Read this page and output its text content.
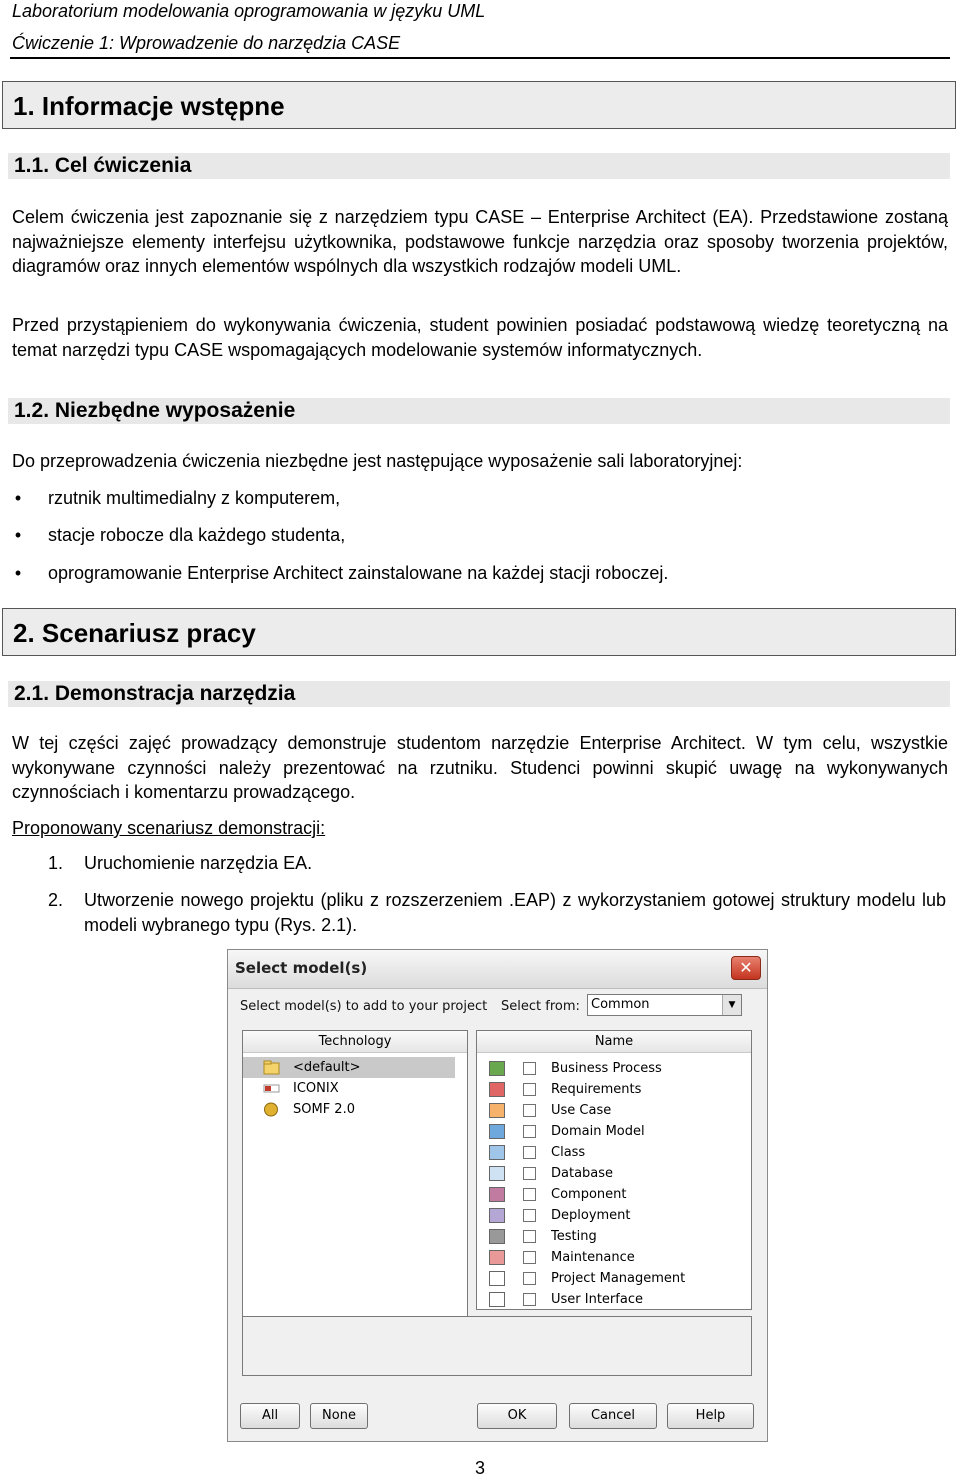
Laboratorium modelowania oprogramowania w języku UML
Ćwiczenie 1: Wprowadzenie do narzędzia CASE
1. Informacje wstępne
1.1. Cel ćwiczenia
Celem ćwiczenia jest zapoznanie się z narzędziem typu CASE – Enterprise Architect (EA). Przedstawione zostaną najważniejsze elementy interfejsu użytkownika, podstawowe funkcje narzędzia oraz sposoby tworzenia projektów, diagramów oraz innych elementów wspólnych dla wszystkich rodzajów modeli UML.
Przed przystąpieniem do wykonywania ćwiczenia, student powinien posiadać podstawową wiedzę teoretyczną na temat narzędzi typu CASE wspomagających modelowanie systemów informatycznych.
1.2. Niezbędne wyposażenie
Do przeprowadzenia ćwiczenia niezbędne jest następujące wyposażenie sali laboratoryjnej:
• rzutnik multimedialny z komputerem,
• stacje robocze dla każdego studenta,
• oprogramowanie Enterprise Architect zainstalowane na każdej stacji roboczej.
2. Scenariusz pracy
2.1. Demonstracja narzędzia
W tej części zajęć prowadzący demonstruje studentom narzędzie Enterprise Architect. W tym celu, wszystkie wykonywane czynności należy prezentować na rzutniku. Studenci powinni skupić uwagę na wykonywanych czynnościach i komentarzu prowadzącego.
Proponowany scenariusz demonstracji:
1. Uruchomienie narzędzia EA.
2. Utworzenie nowego projektu (pliku z rozszerzeniem .EAP) z wykorzystaniem gotowej struktury modelu lub modeli wybranego typu (Rys. 2.1).
Select model(s)	✕
Select model(s) to add to your project Select from: Common	▼
Technology
<default>
ICONIX
SOMF 2.0
Name
Business Process
Requirements
Use Case
Domain Model
Class
Database
Component
Deployment
Testing
Maintenance
Project Management
User Interface
All	None	OK	Cancel	Help
3
